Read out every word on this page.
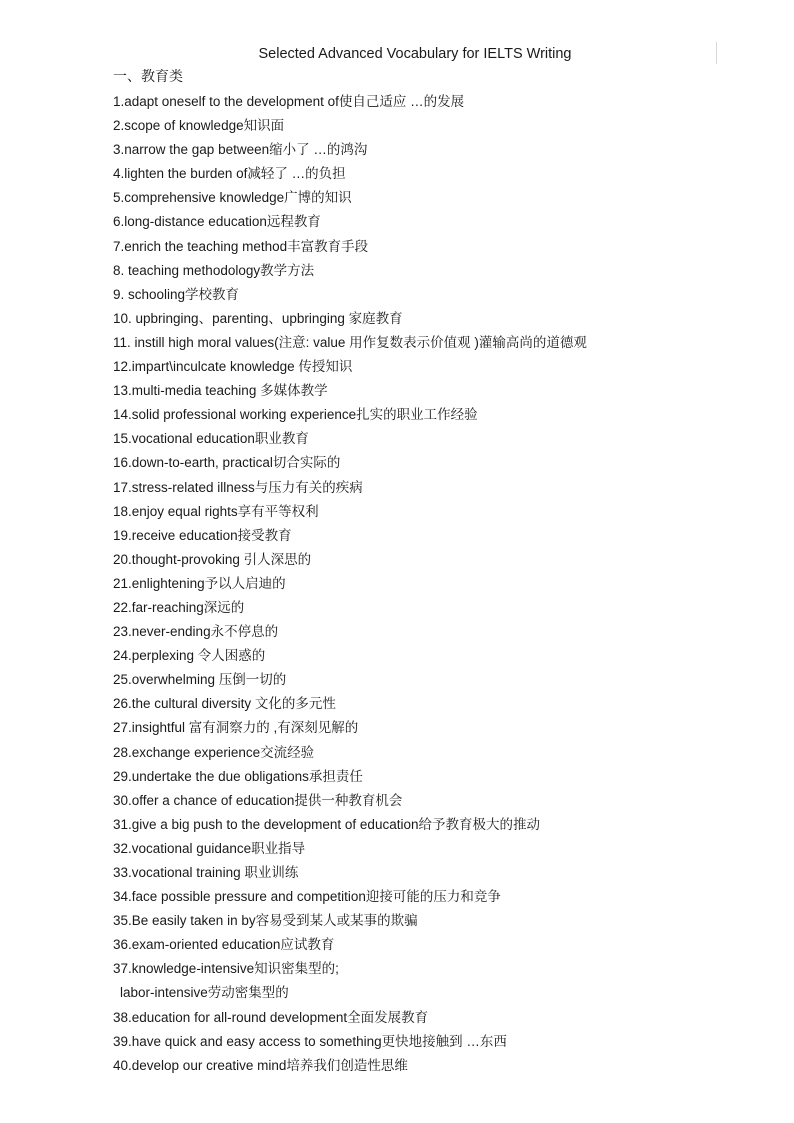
Selected Advanced Vocabulary for IELTS Writing
一、教育类
1.adapt oneself to the development of使自己适应 …的发展
2.scope of knowledge知识面
3.narrow the gap between缩小了 …的鸿沟
4.lighten the burden of减轻了 …的负担
5.comprehensive knowledge广博的知识
6.long-distance education远程教育
7.enrich the teaching method丰富教育手段
8. teaching methodology教学方法
9. schooling学校教育
10. upbringing、parenting、upbringing 家庭教育
11. instill high moral values(注意: value 用作复数表示价值观 )灌输高尚的道德观
12.impart\inculcate knowledge 传授知识
13.multi-media teaching 多媒体教学
14.solid professional working experience扎实的职业工作经验
15.vocational education职业教育
16.down-to-earth, practical切合实际的
17.stress-related illness与压力有关的疾病
18.enjoy equal rights享有平等权利
19.receive education接受教育
20.thought-provoking 引人深思的
21.enlightening予以人启迪的
22.far-reaching深远的
23.never-ending永不停息的
24.perplexing 令人困惑的
25.overwhelming 压倒一切的
26.the cultural diversity 文化的多元性
27.insightful 富有洞察力的 ,有深刻见解的
28.exchange experience交流经验
29.undertake the due obligations承担责任
30.offer a chance of education提供一种教育机会
31.give a big push to the development of education给予教育极大的推动
32.vocational guidance职业指导
33.vocational training 职业训练
34.face possible pressure and competition迎接可能的压力和竞争
35.Be easily taken in by容易受到某人或某事的欺骗
36.exam-oriented education应试教育
37.knowledge-intensive知识密集型的;
labor-intensive劳动密集型的
38.education for all-round development全面发展教育
39.have quick and easy access to something更快地接触到 …东西
40.develop our creative mind培养我们创造性思维
